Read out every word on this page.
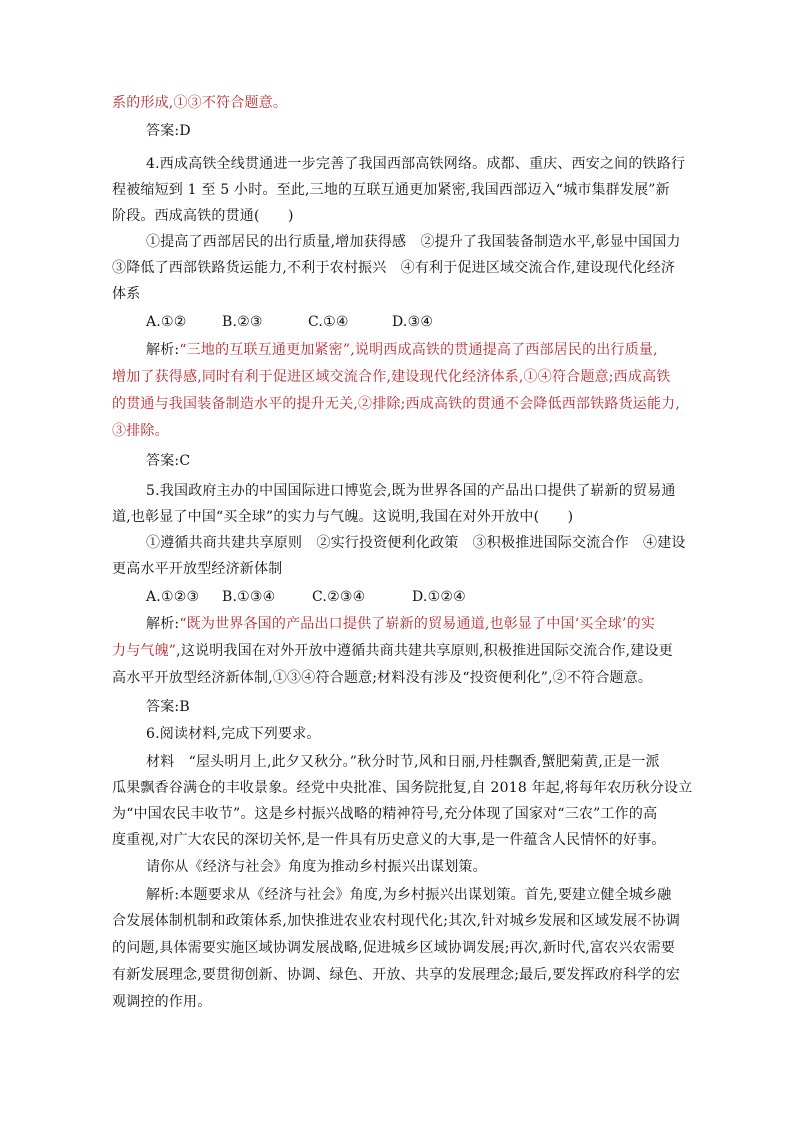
系的形成,①③不符合题意。
答案:D
4.西成高铁全线贯通进一步完善了我国西部高铁网络。成都、重庆、西安之间的铁路行
程被缩短到 1 至 5 小时。至此,三地的互联互通更加紧密,我国西部迈入“城市集群发展”新
阶段。西成高铁的贯通(　　)
①提高了西部居民的出行质量,增加获得感　②提升了我国装备制造水平,彰显中国国力
③降低了西部铁路货运能力,不利于农村振兴　④有利于促进区域交流合作,建设现代化经济
体系
A.①②	B.②③	C.①④	D.③④
解析:“三地的互联互通更加紧密”,说明西成高铁的贯通提高了西部居民的出行质量,
增加了获得感,同时有利于促进区域交流合作,建设现代化经济体系,①④符合题意;西成高铁
的贯通与我国装备制造水平的提升无关,②排除;西成高铁的贯通不会降低西部铁路货运能力,
③排除。
答案:C
5.我国政府主办的中国国际进口博览会,既为世界各国的产品出口提供了崭新的贸易通
道,也彰显了中国“买全球”的实力与气魄。这说明,我国在对外开放中(　　)
①遵循共商共建共享原则　②实行投资便利化政策　③积极推进国际交流合作　④建设
更高水平开放型经济新体制
A.①②③ B.①③④	C.②③④	D.①②④
解析:“既为世界各国的产品出口提供了崭新的贸易通道,也彰显了中国‘买全球’的实
力与气魄”,这说明我国在对外开放中遵循共商共建共享原则,积极推进国际交流合作,建设更
高水平开放型经济新体制,①③④符合题意;材料没有涉及“投资便利化”,②不符合题意。
答案:B
6.阅读材料,完成下列要求。
材料　“屋头明月上,此夕又秋分。”秋分时节,风和日丽,丹桂飘香,蟹肥菊黄,正是一派
瓜果飘香谷满仓的丰收景象。经党中央批准、国务院批复,自 2018 年起,将每年农历秋分设立
为“中国农民丰收节”。这是乡村振兴战略的精神符号,充分体现了国家对“三农”工作的高
度重视,对广大农民的深切关怀,是一件具有历史意义的大事,是一件蕴含人民情怀的好事。
请你从《经济与社会》角度为推动乡村振兴出谋划策。
解析:本题要求从《经济与社会》角度,为乡村振兴出谋划策。首先,要建立健全城乡融
合发展体制机制和政策体系,加快推进农业农村现代化;其次,针对城乡发展和区域发展不协调
的问题,具体需要实施区域协调发展战略,促进城乡区域协调发展;再次,新时代,富农兴农需要
有新发展理念,要贯彻创新、协调、绿色、开放、共享的发展理念;最后,要发挥政府科学的宏
观调控的作用。
